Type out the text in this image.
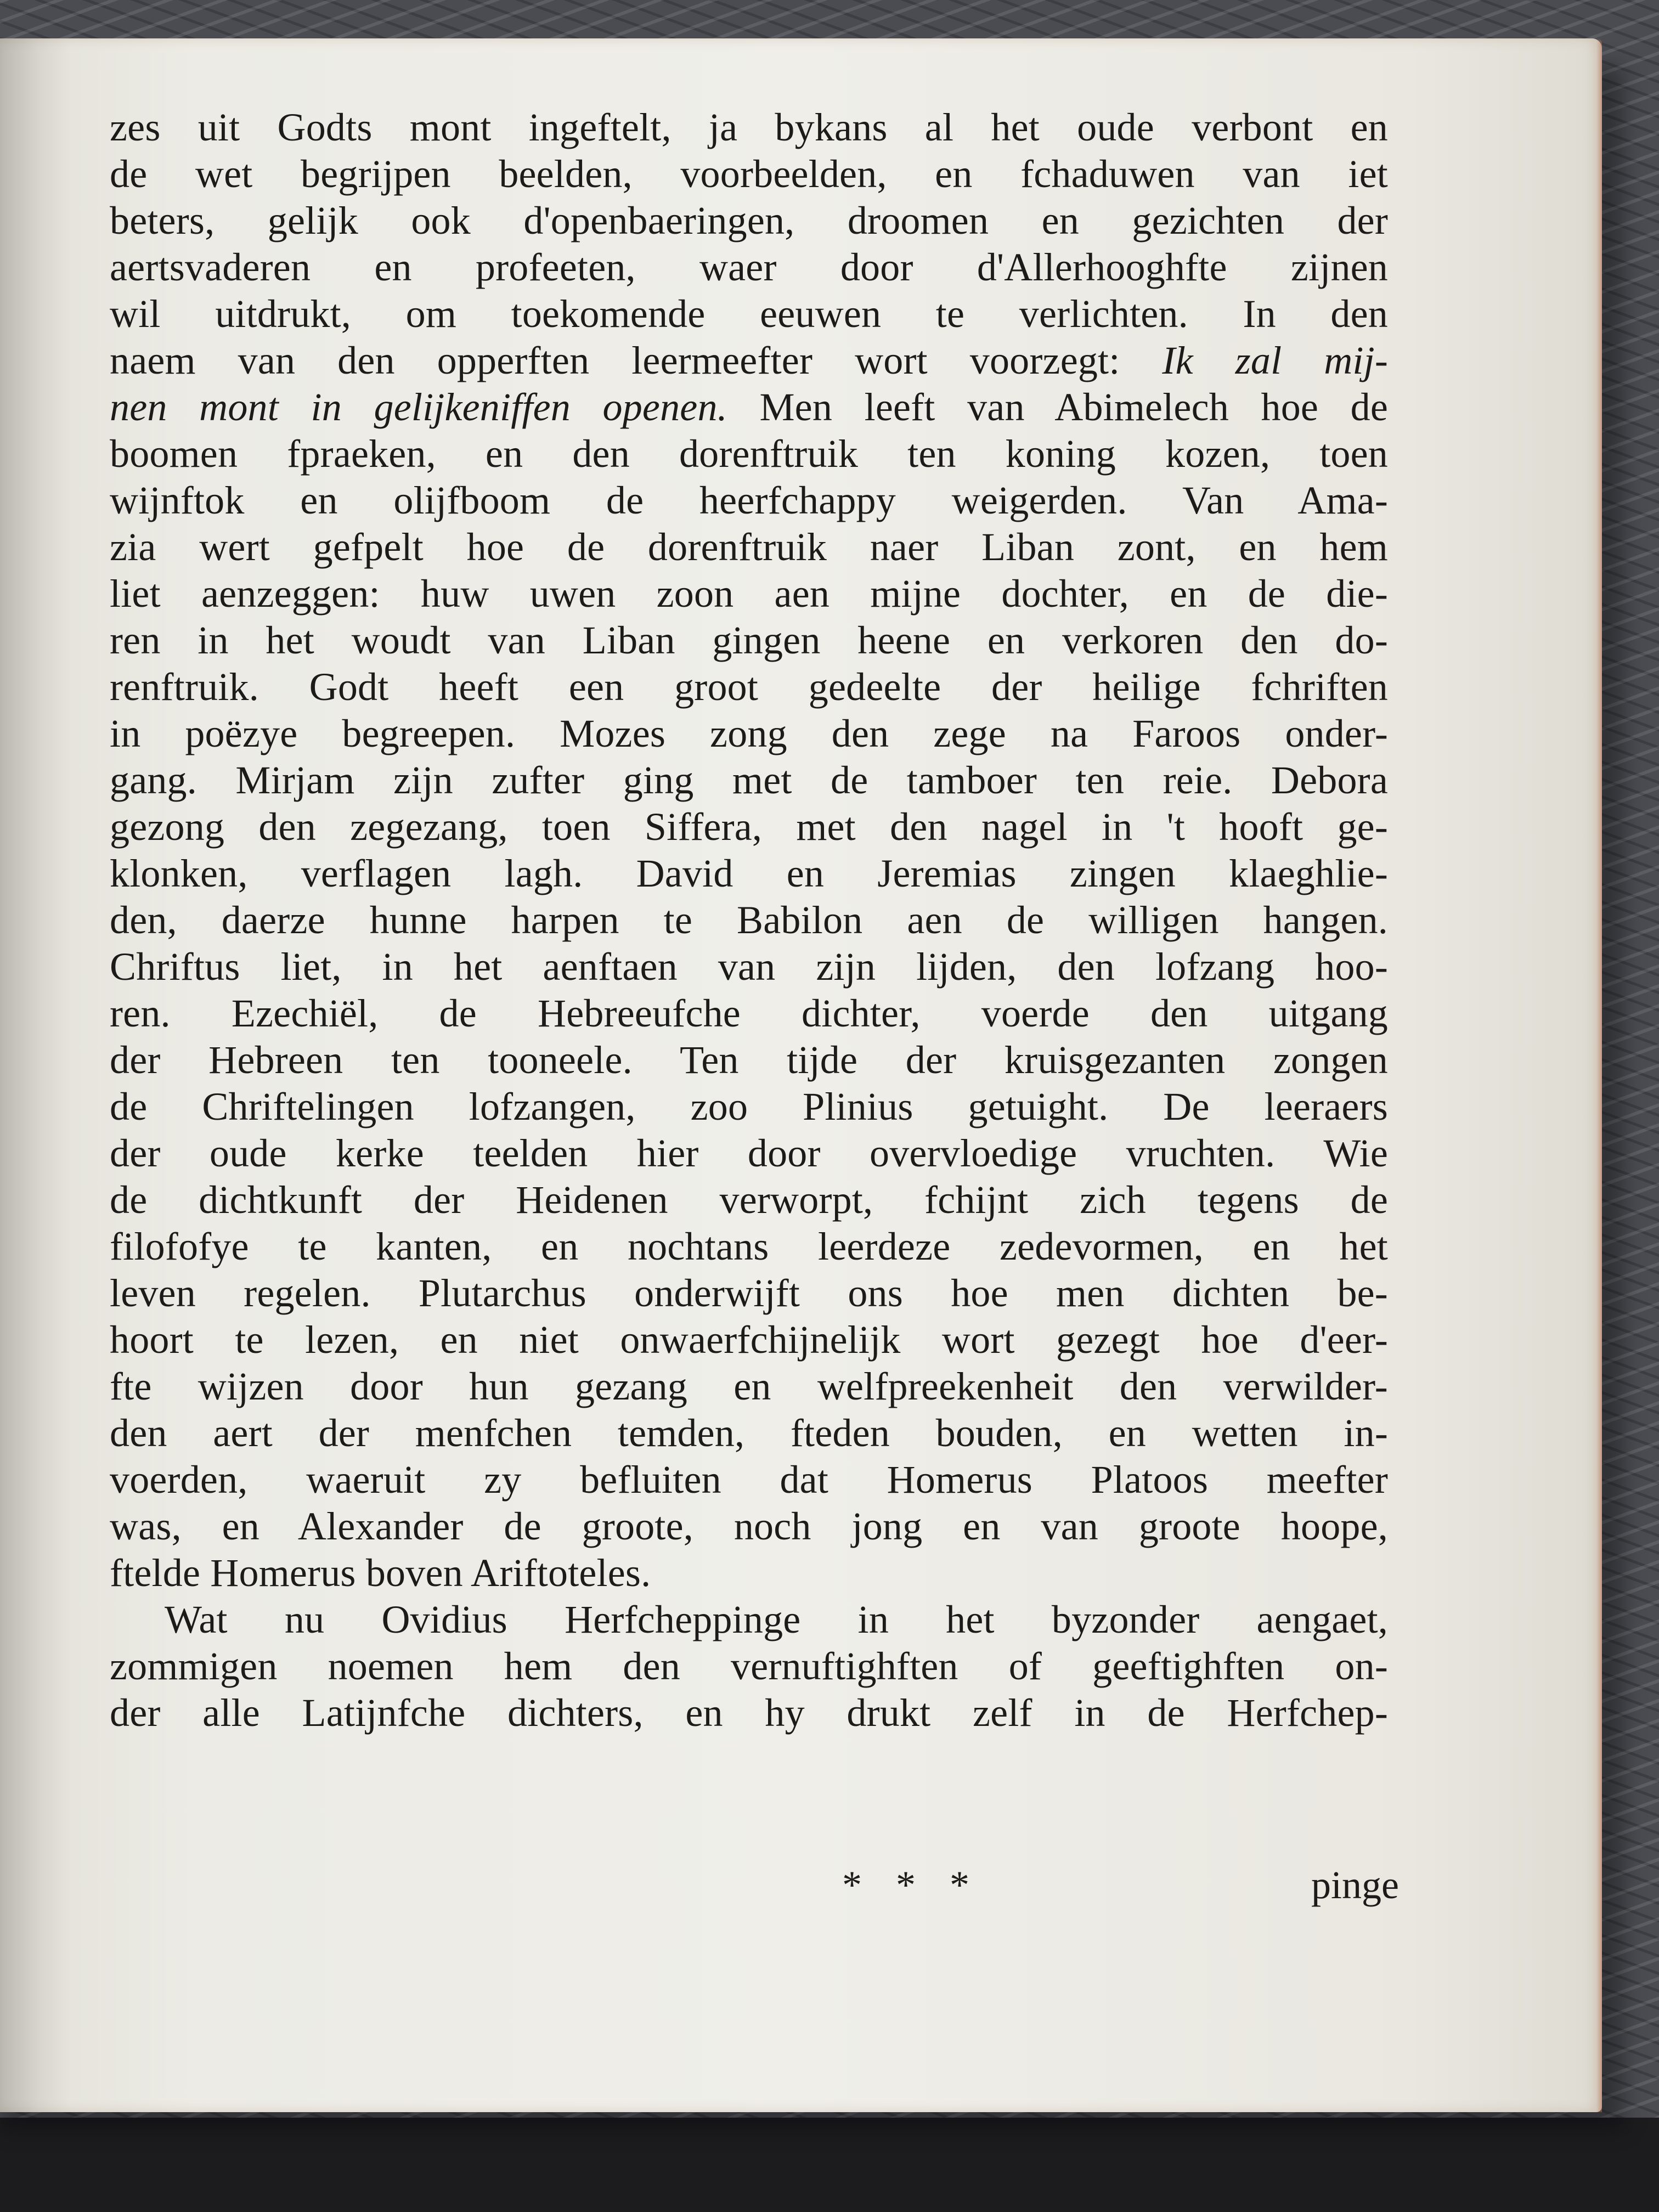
zes uit Godts mont ingeftelt, ja bykans al het oude verbont en
de wet begrijpen beelden, voorbeelden, en fchaduwen van iet
beters, gelijk ook d'openbaeringen, droomen en gezichten der
aertsvaderen en profeeten, waer door d'Allerhooghfte zijnen
wil uitdrukt, om toekomende eeuwen te verlichten. In den
naem van den opperften leermeefter wort voorzegt: Ik zal mij-
nen mont in gelijkeniffen openen. Men leeft van Abimelech hoe de
boomen fpraeken, en den dorenftruik ten koning kozen, toen
wijnftok en olijfboom de heerfchappy weigerden. Van Ama-
zia wert gefpelt hoe de dorenftruik naer Liban zont, en hem
liet aenzeggen: huw uwen zoon aen mijne dochter, en de die-
ren in het woudt van Liban gingen heene en verkoren den do-
renftruik. Godt heeft een groot gedeelte der heilige fchriften
in poëzye begreepen. Mozes zong den zege na Faroos onder-
gang. Mirjam zijn zufter ging met de tamboer ten reie. Debora
gezong den zegezang, toen Siffera, met den nagel in 't hooft ge-
klonken, verflagen lagh. David en Jeremias zingen klaeghlie-
den, daerze hunne harpen te Babilon aen de willigen hangen.
Chriftus liet, in het aenftaen van zijn lijden, den lofzang hoo-
ren. Ezechiël, de Hebreeufche dichter, voerde den uitgang
der Hebreen ten tooneele. Ten tijde der kruisgezanten zongen
de Chriftelingen lofzangen, zoo Plinius getuight. De leeraers
der oude kerke teelden hier door overvloedige vruchten. Wie
de dichtkunft der Heidenen verworpt, fchijnt zich tegens de
filofofye te kanten, en nochtans leerdeze zedevormen, en het
leven regelen. Plutarchus onderwijft ons hoe men dichten be-
hoort te lezen, en niet onwaerfchijnelijk wort gezegt hoe d'eer-
fte wijzen door hun gezang en welfpreekenheit den verwilder-
den aert der menfchen temden, fteden bouden, en wetten in-
voerden, waeruit zy befluiten dat Homerus Platoos meefter
was, en Alexander de groote, noch jong en van groote hoope,
ftelde Homerus boven Ariftoteles.
Wat nu Ovidius Herfcheppinge in het byzonder aengaet,
zommigen noemen hem den vernuftighften of geeftighften on-
der alle Latijnfche dichters, en hy drukt zelf in de Herfchep-
* * *	pinge
